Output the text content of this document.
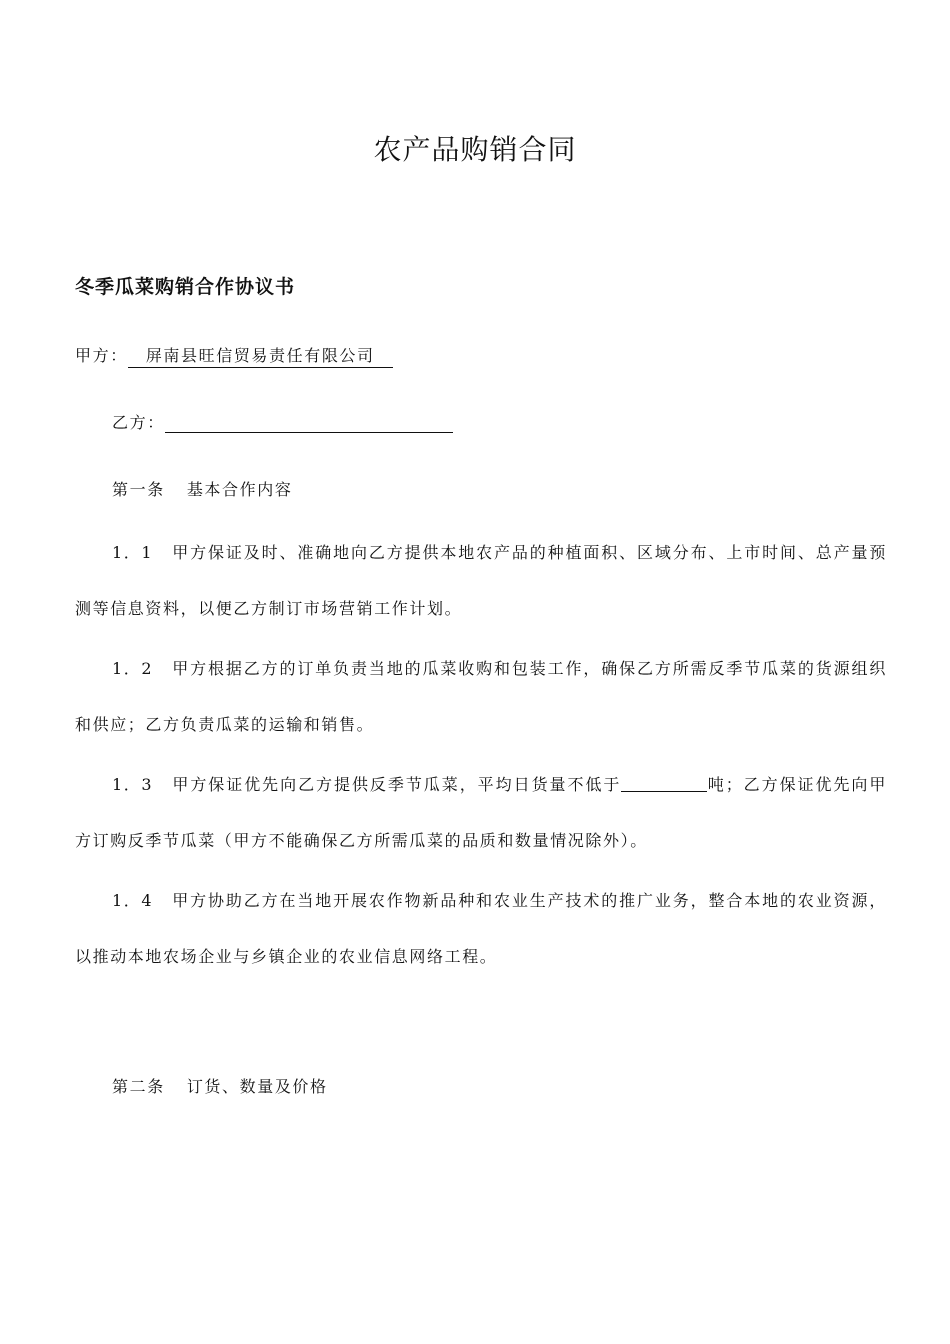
农产品购销合同
冬季瓜菜购销合作协议书
甲方： 屏南县旺信贸易责任有限公司
乙方：
第一条 基本合作内容
1．1 甲方保证及时、准确地向乙方提供本地农产品的种植面积、区域分布、上市时间、总产量预测等信息资料，以便乙方制订市场营销工作计划。
1．2 甲方根据乙方的订单负责当地的瓜菜收购和包装工作，确保乙方所需反季节瓜菜的货源组织和供应；乙方负责瓜菜的运输和销售。
1．3 甲方保证优先向乙方提供反季节瓜菜，平均日货量不低于	吨；乙方保证优先向甲方订购反季节瓜菜（甲方不能确保乙方所需瓜菜的品质和数量情况除外）。
1．4 甲方协助乙方在当地开展农作物新品种和农业生产技术的推广业务，整合本地的农业资源，以推动本地农场企业与乡镇企业的农业信息网络工程。
第二条 订货、数量及价格
